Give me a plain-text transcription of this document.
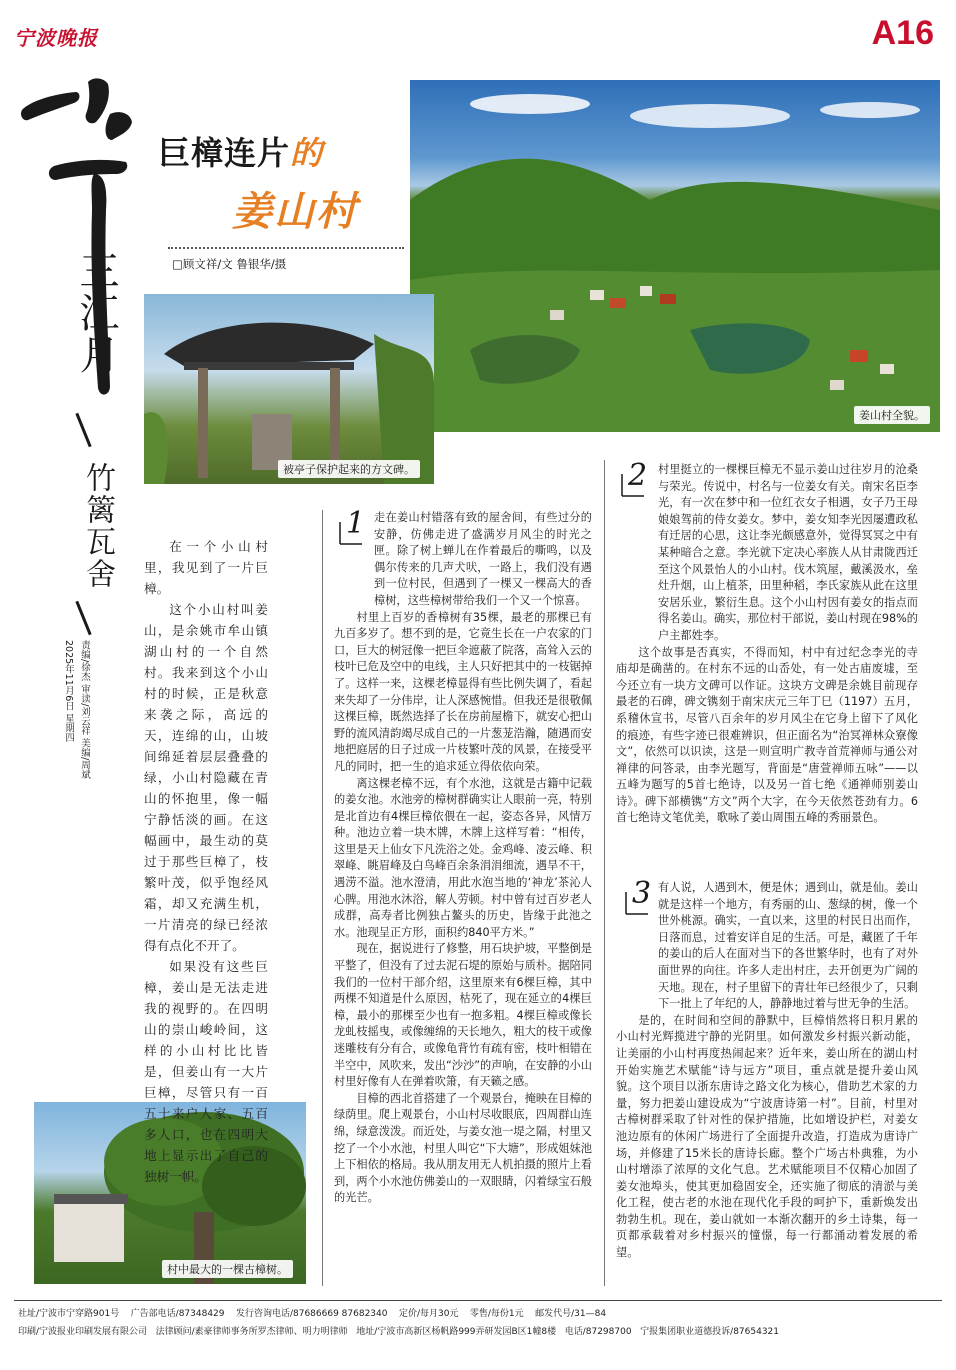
宁波晚报	A16
三江月
竹篱瓦舍
责编/徐杰 审读/刘云祥 美编/周斌
2025年11月6日 星期四
巨樟连片的
姜山村
□顾文祥/文 鲁银华/摄
姜山村全貌。
被亭子保护起来的方文碑。
村中最大的一棵古樟树。

在一个小山村里，我见到了一片巨樟。

这个小山村叫姜山，是余姚市牟山镇湖山村的一个自然村。我来到这个小山村的时候，正是秋意来袭之际，高远的天，连绵的山，山坡间绵延着层层叠叠的绿，小山村隐藏在青山的怀抱里，像一幅宁静恬淡的画。在这幅画中，最生动的莫过于那些巨樟了，枝繁叶茂，似乎饱经风霜，却又充满生机，一片清亮的绿已经浓得有点化不开了。

如果没有这些巨樟，姜山是无法走进我的视野的。在四明山的崇山峻岭间，这样的小山村比比皆是，但姜山有一大片巨樟，尽管只有一百五十来户人家、五百多人口，也在四明大地上显示出了自己的独树一帜。

1 走在姜山村错落有致的屋舍间，有些过分的安静，仿佛走进了盛满岁月风尘的时光之匣。除了树上蝉儿在作着最后的嘶鸣，以及偶尔传来的几声犬吠，一路上，我们没有遇到一位村民，但遇到了一棵又一棵高大的香樟树，这些樟树带给我们一个又一个惊喜。

村里上百岁的香樟树有35棵，最老的那棵已有九百多岁了。想不到的是，它竟生长在一户农家的门口，巨大的树冠像一把巨伞遮蔽了院落，高耸入云的枝叶已危及空中的电线，主人只好把其中的一枝锯掉了。这样一来，这棵老樟显得有些比例失调了，看起来失却了一分伟岸，让人深感惋惜。但我还是很敬佩这棵巨樟，既然选择了长在房前屋檐下，就安心把山野的流风清韵竭尽成自己的一片葱茏浩瀚，随遇而安地把庭居的日子过成一片枝繁叶茂的风景，在接受平凡的同时，把一生的追求延立得依依向荣。

离这棵老樟不远，有个水池，这就是古籍中记载的姜女池。水池旁的樟树群确实让人眼前一亮，特别是北首边有4棵巨樟依偎在一起，姿态各异，风情万种。池边立着一块木牌，木牌上这样写着：“相传，这里是天上仙女下凡洗浴之处。金鸡峰、凌云峰、积翠峰、眺眉峰及白鸟峰百余条涓涓细流，遇旱不干，遇涝不溢。池水澄清，用此水泡当地的‘神龙’茶沁人心脾。用池水沐浴，解人劳顿。村中曾有过百岁老人成群，高寿者比例独占鳌头的历史，皆缘于此池之水。池现呈正方形，面积约840平方米。”

现在，据说进行了修整，用石块护坡，平整倒是平整了，但没有了过去泥石堤的原始与质朴。据陪同我们的一位村干部介绍，这里原来有6棵巨樟，其中两棵不知道是什么原因，枯死了，现在延立的4棵巨樟，最小的那棵至少也有一抱多粗。4棵巨樟或像长龙虬枝摇曳，或像缠绵的天长地久，粗大的枝干或像迷雕枝有分有合，或像龟背竹有疏有密，枝叶相错在半空中，风吹来，发出“沙沙”的声响，在安静的小山村里好像有人在弹着吹箫，有天籁之感。

目樟的西北首搭建了一个观景台，掩映在目樟的绿荫里。爬上观景台，小山村尽收眼底，四周群山连绵，绿意泼泼。而近处，与姜女池一堤之隔，村里又挖了一个小水池，村里人叫它“下大塘”，形成姐妹池上下相依的格局。我从朋友用无人机拍摄的照片上看到，两个小水池仿佛姜山的一双眼睛，闪着绿宝石般的光芒。

2 村里挺立的一棵棵巨樟无不显示姜山过往岁月的沧桑与荣光。传说中，村名与一位姜女有关。南宋名臣李光，有一次在梦中和一位红衣女子相遇，女子乃王母娘娘驾前的侍女姜女。梦中，姜女知李光因屡遭政私有迁居的心思，这让李光颇感意外，觉得冥冥之中有某种暗合之意。李光就下定决心率族人从甘肃陇西迁至这个风景怡人的小山村。伐木筑屋，戴溪汲水，垒灶升烟，山上植茶，田里种稻，李氏家族从此在这里安居乐业，繁衍生息。这个小山村因有姜女的指点而得名姜山。确实，那位村干部说，姜山村现在98%的户主都姓李。

这个故事是否真实，不得而知，村中有过纪念李光的寺庙却是确凿的。在村东不远的山岙处，有一处古庙废墟，至今还立有一块方文碑可以作证。这块方文碑是余姚目前现存最老的石碑，碑文镌刻于南宋庆元三年丁巳（1197）五月，系稽休宣书，尽管八百余年的岁月风尘在它身上留下了风化的痕迹，有些字迹已很难辨识，但正面名为“治冥禅林众寮像文”，依然可以识读，这是一则宣明广教寺首荒禅师与通公对禅律的问答录，由李光题写，背面是“唐萱禅师五咏”——以五峰为题写的5首七绝诗，以及另一首七绝《通禅师别姜山诗》。碑下部横镌“方文”两个大字，在今天依然苍劲有力。6首七绝诗文笔优美，歌咏了姜山周围五峰的秀丽景色。

3 有人说，人遇到木，便是休；遇到山，就是仙。姜山就是这样一个地方，有秀丽的山、葱绿的树，像一个世外桃源。确实，一直以来，这里的村民日出而作，日落而息，过着安详自足的生活。可是，藏匿了千年的姜山的后人在面对当下的各世繁华时，也有了对外面世界的向往。许多人走出村庄，去开创更为广阔的天地。现在，村子里留下的青壮年已经很少了，只剩下一批上了年纪的人，静静地过着与世无争的生活。

是的，在时间和空间的静默中，巨樟悄然将日积月累的小山村光辉揽进宁静的光阴里。如何激发乡村振兴新动能，让美丽的小山村再度热闹起来？近年来，姜山所在的湖山村开始实施艺术赋能“诗与远方”项目，重点就是提升姜山风貌。这个项目以浙东唐诗之路文化为核心，借助艺术家的力量，努力把姜山建设成为“宁波唐诗第一村”。目前，村里对古樟树群采取了针对性的保护措施，比如增设护栏，对姜女池边原有的休闲广场进行了全面提升改造，打造成为唐诗广场，并修建了15米长的唐诗长廊。整个广场古朴典雅，为小山村增添了浓厚的文化气息。艺术赋能项目不仅精心加固了姜女池埠头，使其更加稳固安全，还实施了彻底的清淤与美化工程，使古老的水池在现代化手段的呵护下，重新焕发出勃勃生机。现在，姜山就如一本渐次翻开的乡土诗集，每一页都承载着对乡村振兴的憧憬，每一行都涌动着发展的希望。

社址/宁波市宁穿路901号 广告部电话/87348429 发行咨询电话/87686669 87682340 定价/每月30元 零售/每份1元 邮发代号/31—84
印刷/宁波报业印刷发展有限公司 法律顾问/素豪律师事务所罗杰律师、明力明律师 地址/宁波市高新区杨帆路999弄研发园B区1幢8楼 电话/87298700 宁报集团职业道德投诉/87654321
